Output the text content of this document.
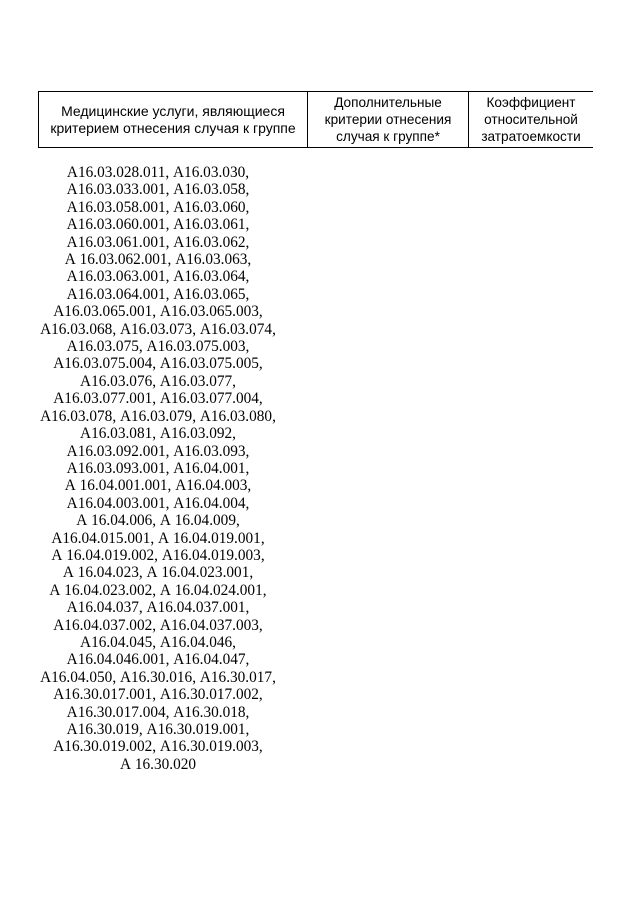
Медицинские услуги, являющиеся
критерием отнесения случая к группе
Дополнительные
критерии отнесения
случая к группе*
Коэффициент
относительной
затратоемкости
А16.03.028.011, А16.03.030,
А16.03.033.001, А16.03.058,
А16.03.058.001, А16.03.060,
А16.03.060.001, А16.03.061,
А16.03.061.001, А16.03.062,
А 16.03.062.001, А16.03.063,
А16.03.063.001, А16.03.064,
А16.03.064.001, А16.03.065,
А16.03.065.001, А16.03.065.003,
А16.03.068, А16.03.073, А16.03.074,
А16.03.075, А16.03.075.003,
А16.03.075.004, А16.03.075.005,
А16.03.076, А16.03.077,
А16.03.077.001, А16.03.077.004,
А16.03.078, А16.03.079, А16.03.080,
А16.03.081, А16.03.092,
А16.03.092.001, А16.03.093,
А16.03.093.001, А16.04.001,
А 16.04.001.001, А16.04.003,
А16.04.003.001, А16.04.004,
А 16.04.006, А 16.04.009,
А16.04.015.001, А 16.04.019.001,
А 16.04.019.002, А16.04.019.003,
А 16.04.023, А 16.04.023.001,
А 16.04.023.002, А 16.04.024.001,
А16.04.037, А16.04.037.001,
А16.04.037.002, А16.04.037.003,
А16.04.045, А16.04.046,
А16.04.046.001, А16.04.047,
А16.04.050, А16.30.016, А16.30.017,
А16.30.017.001, А16.30.017.002,
А16.30.017.004, А16.30.018,
А16.30.019, А16.30.019.001,
А16.30.019.002, А16.30.019.003,
А 16.30.020
